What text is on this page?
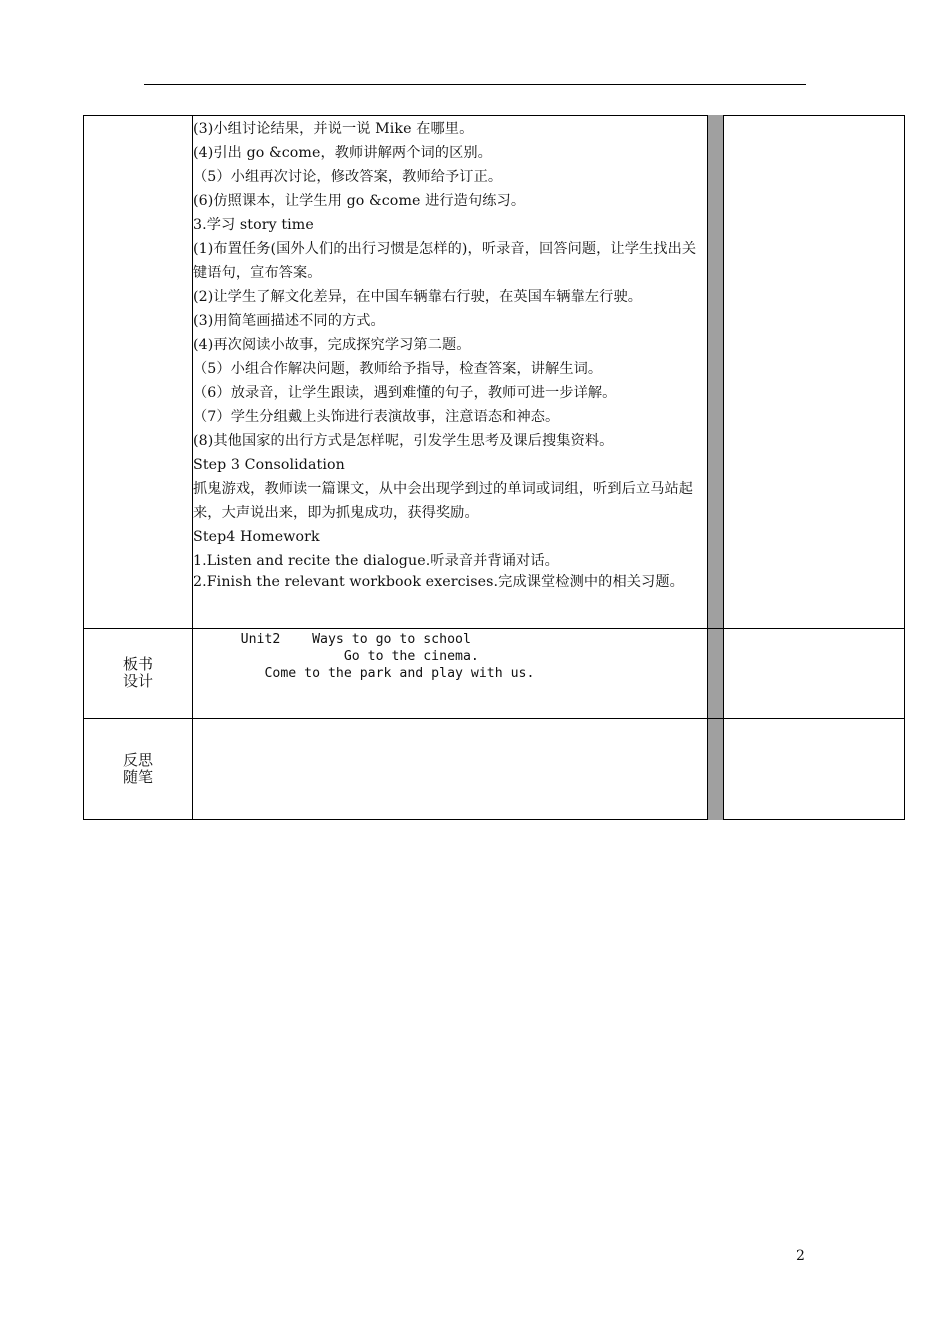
(3)小组讨论结果，并说一说 Mike 在哪里。
(4)引出 go &come，教师讲解两个词的区别。
（5）小组再次讨论，修改答案，教师给予订正。
(6)仿照课本，让学生用 go &come 进行造句练习。
3.学习 story time
(1)布置任务(国外人们的出行习惯是怎样的)，听录音，回答问题，让学生找出关键语句，宣布答案。
(2)让学生了解文化差异，在中国车辆靠右行驶，在英国车辆靠左行驶。
(3)用简笔画描述不同的方式。
(4)再次阅读小故事，完成探究学习第二题。
（5）小组合作解决问题，教师给予指导，检查答案，讲解生词。
（6）放录音，让学生跟读，遇到难懂的句子，教师可进一步详解。
（7）学生分组戴上头饰进行表演故事，注意语态和神态。
(8)其他国家的出行方式是怎样呢，引发学生思考及课后搜集资料。
Step 3 Consolidation
抓鬼游戏，教师读一篇课文，从中会出现学到过的单词或词组，听到后立马站起来，大声说出来，即为抓鬼成功，获得奖励。
Step4 Homework
1.Listen and recite the dialogue.听录音并背诵对话。
2.Finish the relevant workbook exercises.完成课堂检测中的相关习题。
板书
设计
Unit2    Ways to go to school
Go to the cinema.
Come to the park and play with us.
反思
随笔
2
